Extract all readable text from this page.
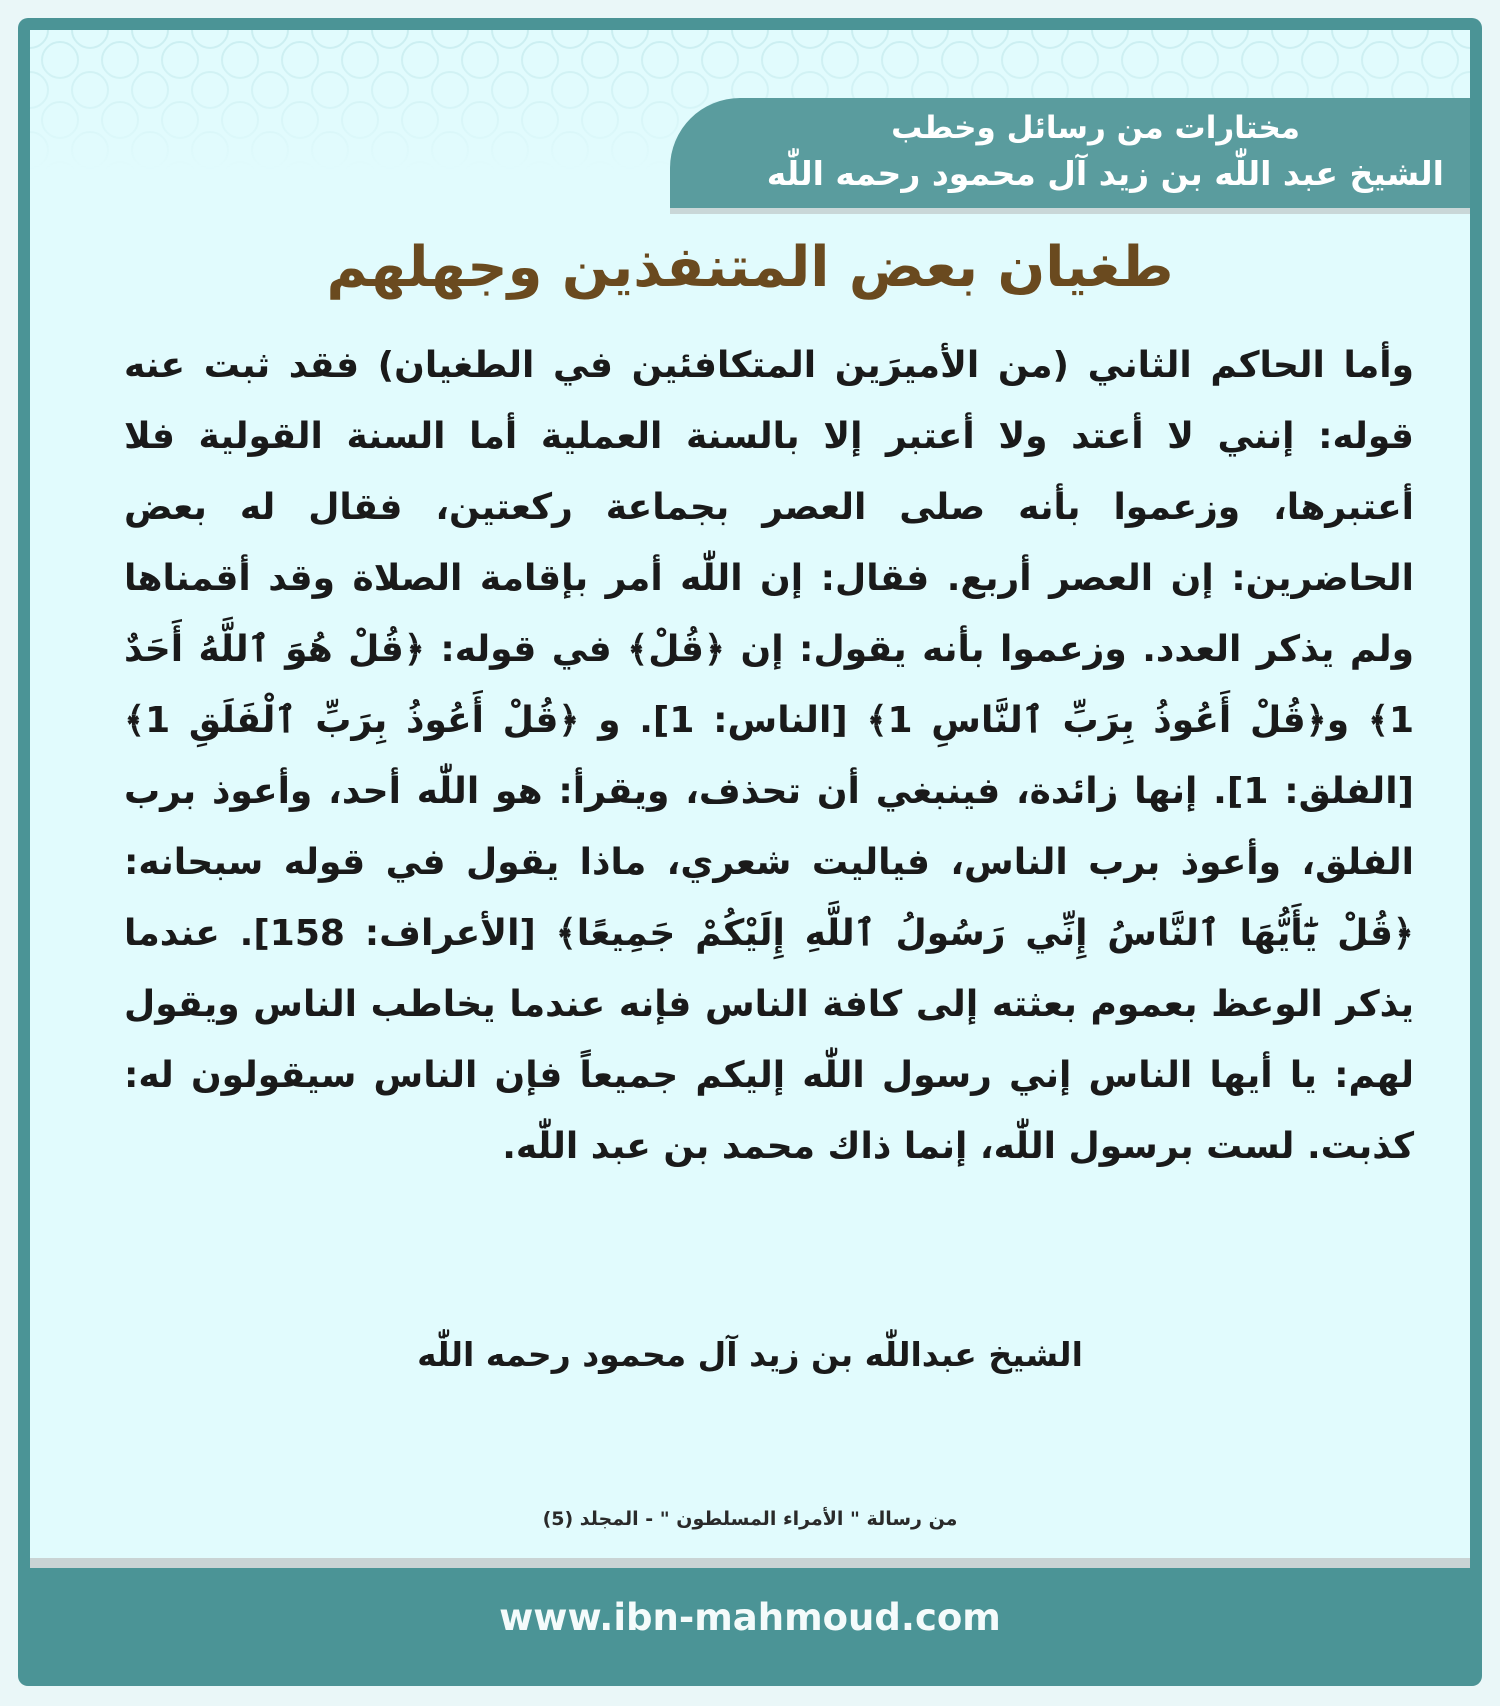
مختارات من رسائل وخطب
الشيخ عبد اللّٰه بن زيد آل محمود رحمه اللّٰه
طغيان بعض المتنفذين وجهلهم
وأما الحاكم الثاني (من الأميرَين المتكافئين في الطغيان) فقد ثبت عنه قوله: إنني لا أعتد ولا أعتبر إلا بالسنة العملية أما السنة القولية فلا أعتبرها، وزعموا بأنه صلى العصر بجماعة ركعتين، فقال له بعض الحاضرين: إن العصر أربع. فقال: إن اللّٰه أمر بإقامة الصلاة وقد أقمناها ولم يذكر العدد. وزعموا بأنه يقول: إن ﴿قُلْ﴾ في قوله: ﴿قُلْ هُوَ ٱللَّهُ أَحَدٌ 1﴾ و﴿قُلْ أَعُوذُ بِرَبِّ ٱلنَّاسِ 1﴾ [الناس: 1]. و ﴿قُلْ أَعُوذُ بِرَبِّ ٱلْفَلَقِ 1﴾ [الفلق: 1]. إنها زائدة، فينبغي أن تحذف، ويقرأ: هو اللّٰه أحد، وأعوذ برب الفلق، وأعوذ برب الناس، فياليت شعري، ماذا يقول في قوله سبحانه: ﴿قُلْ يَٰٓأَيُّهَا ٱلنَّاسُ إِنِّي رَسُولُ ٱللَّهِ إِلَيْكُمْ جَمِيعًا﴾ [الأعراف: 158]. عندما يذكر الوعظ بعموم بعثته إلى كافة الناس فإنه عندما يخاطب الناس ويقول لهم: يا أيها الناس إني رسول اللّٰه إليكم جميعاً فإن الناس سيقولون له: كذبت. لست برسول اللّٰه، إنما ذاك محمد بن عبد اللّٰه.
الشيخ عبداللّٰه بن زيد آل محمود رحمه اللّٰه
من رسالة " الأمراء المسلطون " - المجلد (5)
www.ibn-mahmoud.com
